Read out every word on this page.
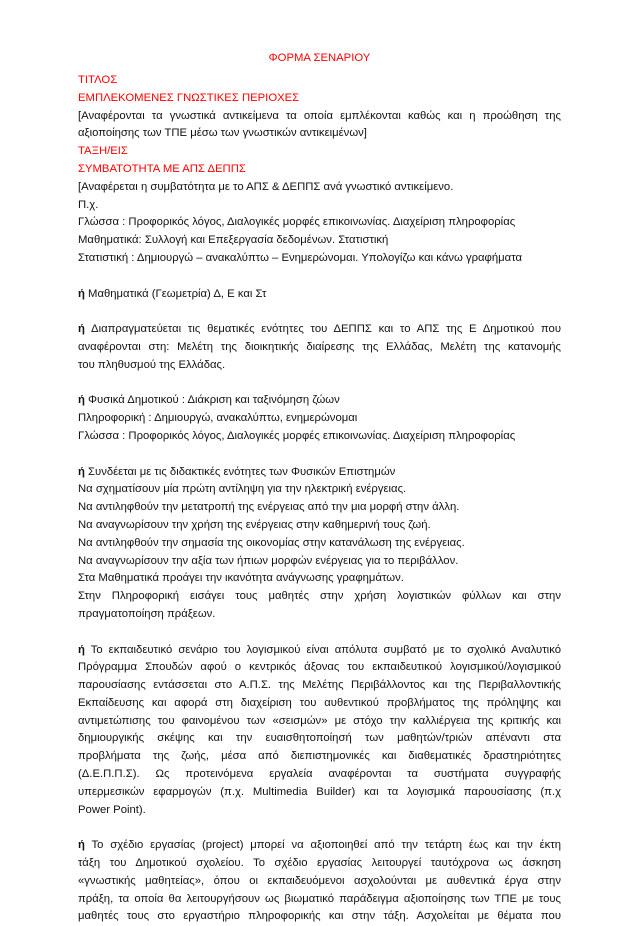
ΦΟΡΜΑ ΣΕΝΑΡΙΟΥ
ΤΙΤΛΟΣ
ΕΜΠΛΕΚΟΜΕΝΕΣ ΓΝΩΣΤΙΚΕΣ ΠΕΡΙΟΧΕΣ
[Αναφέρονται τα γνωστικά αντικείμενα τα οποία εμπλέκονται καθώς και η προώθηση της
αξιοποίησης των ΤΠΕ μέσω των γνωστικών αντικειμένων]
ΤΑΞΗ/ΕΙΣ
ΣΥΜΒΑΤΟΤΗΤΑ ΜΕ ΑΠΣ ΔΕΠΠΣ
[Αναφέρεται η συμβατότητα με το ΑΠΣ & ΔΕΠΠΣ ανά γνωστικό αντικείμενο.
Π.χ.
Γλώσσα : Προφορικός λόγος, Διαλογικές μορφές επικοινωνίας. Διαχείριση πληροφορίας
Μαθηματικά: Συλλογή και Επεξεργασία δεδομένων. Στατιστική
Στατιστική : Δημιουργώ – ανακαλύπτω – Ενημερώνομαι. Υπολογίζω και κάνω γραφήματα
ή Μαθηματικά (Γεωμετρία) Δ, Ε και Στ
ή Διαπραγματεύεται τις θεματικές ενότητες του ΔΕΠΠΣ και το ΑΠΣ της Ε Δημοτικού που
αναφέρονται στη: Μελέτη της διοικητικής διαίρεσης της Ελλάδας, Μελέτη της κατανομής
του πληθυσμού της Ελλάδας.
ή Φυσικά Δημοτικού : Διάκριση και ταξινόμηση ζώων
Πληροφορική : Δημιουργώ, ανακαλύπτω, ενημερώνομαι
Γλώσσα : Προφορικός λόγος, Διαλογικές μορφές επικοινωνίας. Διαχείριση πληροφορίας
ή Συνδέεται με τις διδακτικές ενότητες των Φυσικών Επιστημών
Να σχηματίσουν μία πρώτη αντίληψη για την ηλεκτρική ενέργειας.
Να αντιληφθούν την μετατροπή της ενέργειας από την μια μορφή στην άλλη.
Να αναγνωρίσουν την χρήση της ενέργειας στην καθημερινή τους ζωή.
Να αντιληφθούν την σημασία της οικονομίας στην κατανάλωση της ενέργειας.
Να αναγνωρίσουν την αξία των ήπιων μορφών ενέργειας για το περιβάλλον.
Στα Μαθηματικά προάγει την ικανότητα ανάγνωσης γραφημάτων.
Στην Πληροφορική εισάγει τους μαθητές στην χρήση λογιστικών φύλλων και στην
πραγματοποίηση πράξεων.
ή Το εκπαιδευτικό σενάριο του λογισμικού είναι απόλυτα συμβατό με το σχολικό Αναλυτικό
Πρόγραμμα Σπουδών αφού ο κεντρικός άξονας του εκπαιδευτικού λογισμικού/λογισμικού
παρουσίασης εντάσσεται στο Α.Π.Σ. της Μελέτης Περιβάλλοντος και της Περιβαλλοντικής
Εκπαίδευσης και αφορά στη διαχείριση του αυθεντικού προβλήματος της πρόληψης και
αντιμετώπισης του φαινομένου των «σεισμών» με στόχο την καλλιέργεια της κριτικής και
δημιουργικής σκέψης και την ευαισθητοποίησή των μαθητών/τριών απέναντι στα
προβλήματα της ζωής, μέσα από διεπιστημονικές και διαθεματικές δραστηριότητες
(Δ.Ε.Π.Π.Σ). Ως προτεινόμενα εργαλεία αναφέρονται τα συστήματα συγγραφής
υπερμεσικών εφαρμογών (π.χ. Multimedia Builder) και τα λογισμικά παρουσίασης (π.χ
Power Point).
ή Το σχέδιο εργασίας (project) μπορεί να αξιοποιηθεί από την τετάρτη έως και την έκτη
τάξη του Δημοτικού σχολείου. Το σχέδιο εργασίας λειτουργεί ταυτόχρονα ως άσκηση
«γνωστικής μαθητείας», όπου οι εκπαιδευόμενοι ασχολούνται με αυθεντικά έργα στην
πράξη, τα οποία θα λειτουργήσουν ως βιωματικό παράδειγμα αξιοποίησης των ΤΠΕ με τους
μαθητές τους στο εργαστήριο πληροφορικής και στην τάξη. Ασχολείται με θέματα που
